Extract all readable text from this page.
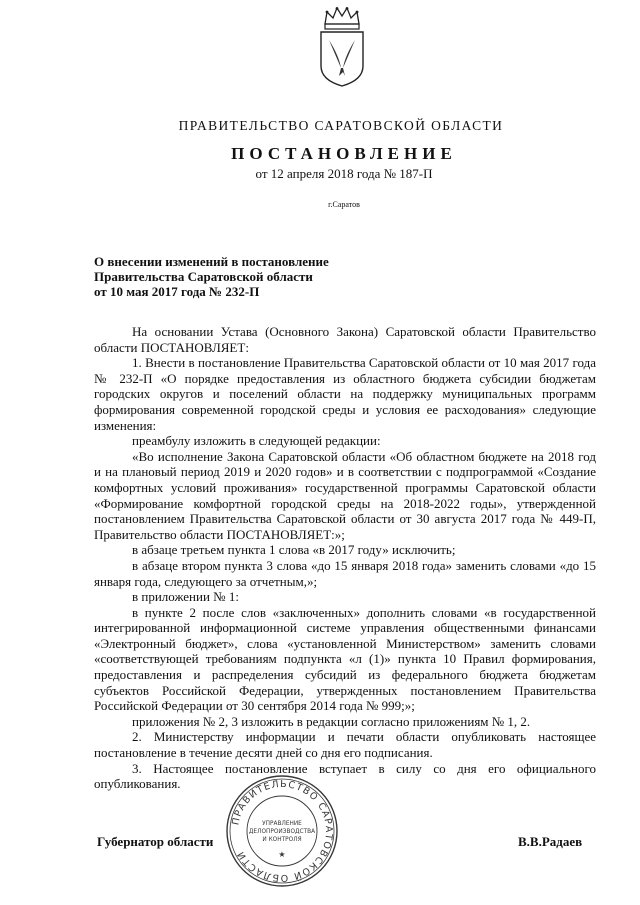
ПРАВИТЕЛЬСТВО САРАТОВСКОЙ ОБЛАСТИ
ПОСТАНОВЛЕНИЕ
от 12 апреля 2018 года № 187-П
г.Саратов
О внесении изменений в постановление
Правительства Саратовской области
от 10 мая 2017 года № 232-П

На основании Устава (Основного Закона) Саратовской области Правительство области ПОСТАНОВЛЯЕТ:

1. Внести в постановление Правительства Саратовской области от 10 мая 2017 года № 232-П «О порядке предоставления из областного бюджета субсидии бюджетам городских округов и поселений области на поддержку муниципальных программ формирования современной городской среды и условия ее расходования» следующие изменения:

преамбулу изложить в следующей редакции:

«Во исполнение Закона Саратовской области «Об областном бюджете на 2018 год и на плановый период 2019 и 2020 годов» и в соответствии с подпрограммой «Создание комфортных условий проживания» государственной программы Саратовской области «Формирование комфортной городской среды на 2018-2022 годы», утвержденной постановлением Правительства Саратовской области от 30 августа 2017 года № 449-П, Правительство области ПОСТАНОВЛЯЕТ:»;

в абзаце третьем пункта 1 слова «в 2017 году» исключить;

в абзаце втором пункта 3 слова «до 15 января 2018 года» заменить словами «до 15 января года, следующего за отчетным,»;

в приложении № 1:

в пункте 2 после слов «заключенных» дополнить словами «в государственной интегрированной информационной системе управления общественными финансами «Электронный бюджет», слова «установленной Министерством» заменить словами «соответствующей требованиям подпункта «л (1)» пункта 10 Правил формирования, предоставления и распределения субсидий из федерального бюджета бюджетам субъектов Российской Федерации, утвержденных постановлением Правительства Российской Федерации от 30 сентября 2014 года № 999;»;

приложения № 2, 3 изложить в редакции согласно приложениям № 1, 2.

2. Министерству информации и печати области опубликовать настоящее постановление в течение десяти дней со дня его подписания.

3. Настоящее постановление вступает в силу со дня его официального опубликования.

Губернатор области	В.В.Радаев
ПРАВИТЕЛЬСТВО САРАТОВСКОЙ ОБЛАСТИ
УПРАВЛЕНИЕ
ДЕЛОПРОИЗВОДСТВА
И КОНТРОЛЯ
★
